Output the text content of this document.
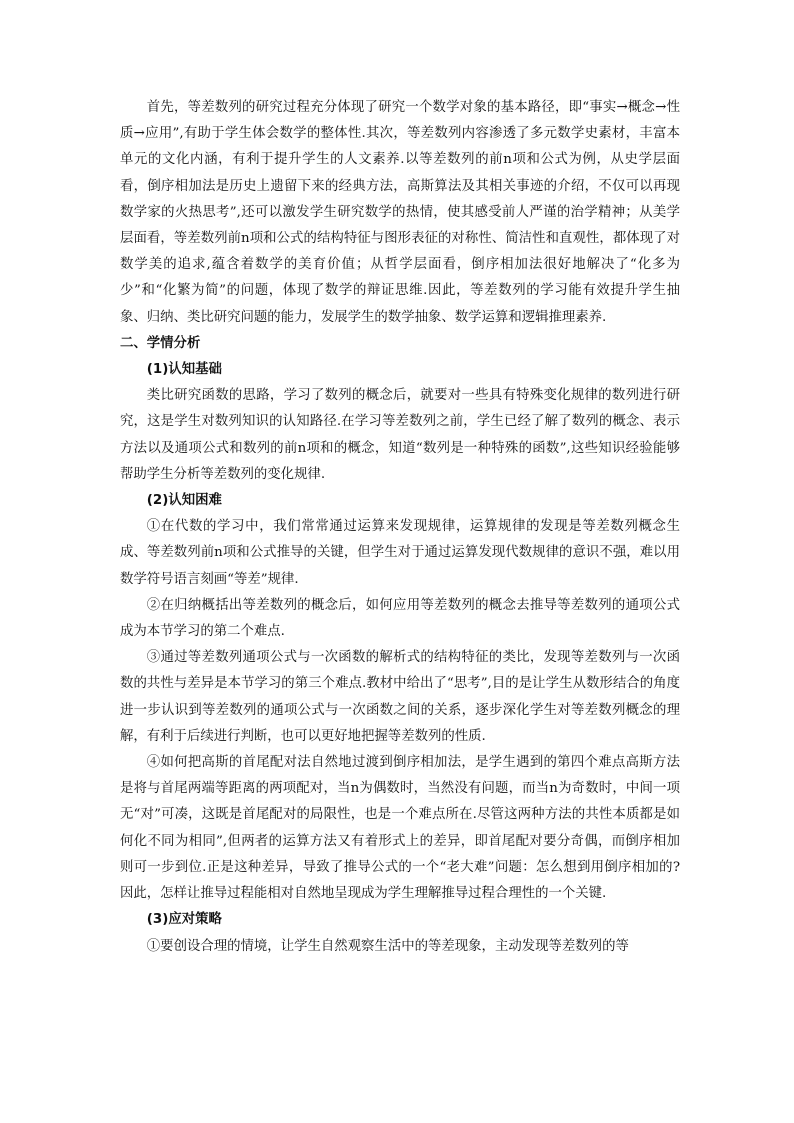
首先，等差数列的研究过程充分体现了研究一个数学对象的基本路径，即“事实→概念→性质→应用”,有助于学生体会数学的整体性.其次，等差数列内容渗透了多元数学史素材，丰富本单元的文化内涵，有利于提升学生的人文素养.以等差数列的前n项和公式为例，从史学层面看，倒序相加法是历史上遗留下来的经典方法，高斯算法及其相关事迹的介绍，不仅可以再现数学家的火热思考”,还可以激发学生研究数学的热情，使其感受前人严谨的治学精神；从美学层面看，等差数列前n项和公式的结构特征与图形表征的对称性、简洁性和直观性，都体现了对数学美的追求,蕴含着数学的美育价值；从哲学层面看，倒序相加法很好地解决了“化多为少”和“化繁为简”的问题，体现了数学的辩证思维.因此，等差数列的学习能有效提升学生抽象、归纳、类比研究问题的能力，发展学生的数学抽象、数学运算和逻辑推理素养.

二、学情分析

(1)认知基础

类比研究函数的思路，学习了数列的概念后，就要对一些具有特殊变化规律的数列进行研究，这是学生对数列知识的认知路径.在学习等差数列之前，学生已经了解了数列的概念、表示方法以及通项公式和数列的前n项和的概念，知道“数列是一种特殊的函数”,这些知识经验能够帮助学生分析等差数列的变化规律.

(2)认知困难

①在代数的学习中，我们常常通过运算来发现规律，运算规律的发现是等差数列概念生成、等差数列前n项和公式推导的关键，但学生对于通过运算发现代数规律的意识不强，难以用数学符号语言刻画“等差”规律.

②在归纳概括出等差数列的概念后，如何应用等差数列的概念去推导等差数列的通项公式成为本节学习的第二个难点.

③通过等差数列通项公式与一次函数的解析式的结构特征的类比，发现等差数列与一次函数的共性与差异是本节学习的第三个难点.教材中给出了“思考”,目的是让学生从数形结合的角度进一步认识到等差数列的通项公式与一次函数之间的关系，逐步深化学生对等差数列概念的理解，有利于后续进行判断，也可以更好地把握等差数列的性质.

④如何把高斯的首尾配对法自然地过渡到倒序相加法，是学生遇到的第四个难点高斯方法是将与首尾两端等距离的两项配对，当n为偶数时，当然没有问题，而当n为奇数时，中间一项无“对”可凑，这既是首尾配对的局限性，也是一个难点所在.尽管这两种方法的共性本质都是如何化不同为相同”,但两者的运算方法又有着形式上的差异，即首尾配对要分奇偶，而倒序相加则可一步到位.正是这种差异，导致了推导公式的一个“老大难”问题：怎么想到用倒序相加的?因此，怎样让推导过程能相对自然地呈现成为学生理解推导过程合理性的一个关键.

(3)应对策略

①要创设合理的情境，让学生自然观察生活中的等差现象，主动发现等差数列的等
